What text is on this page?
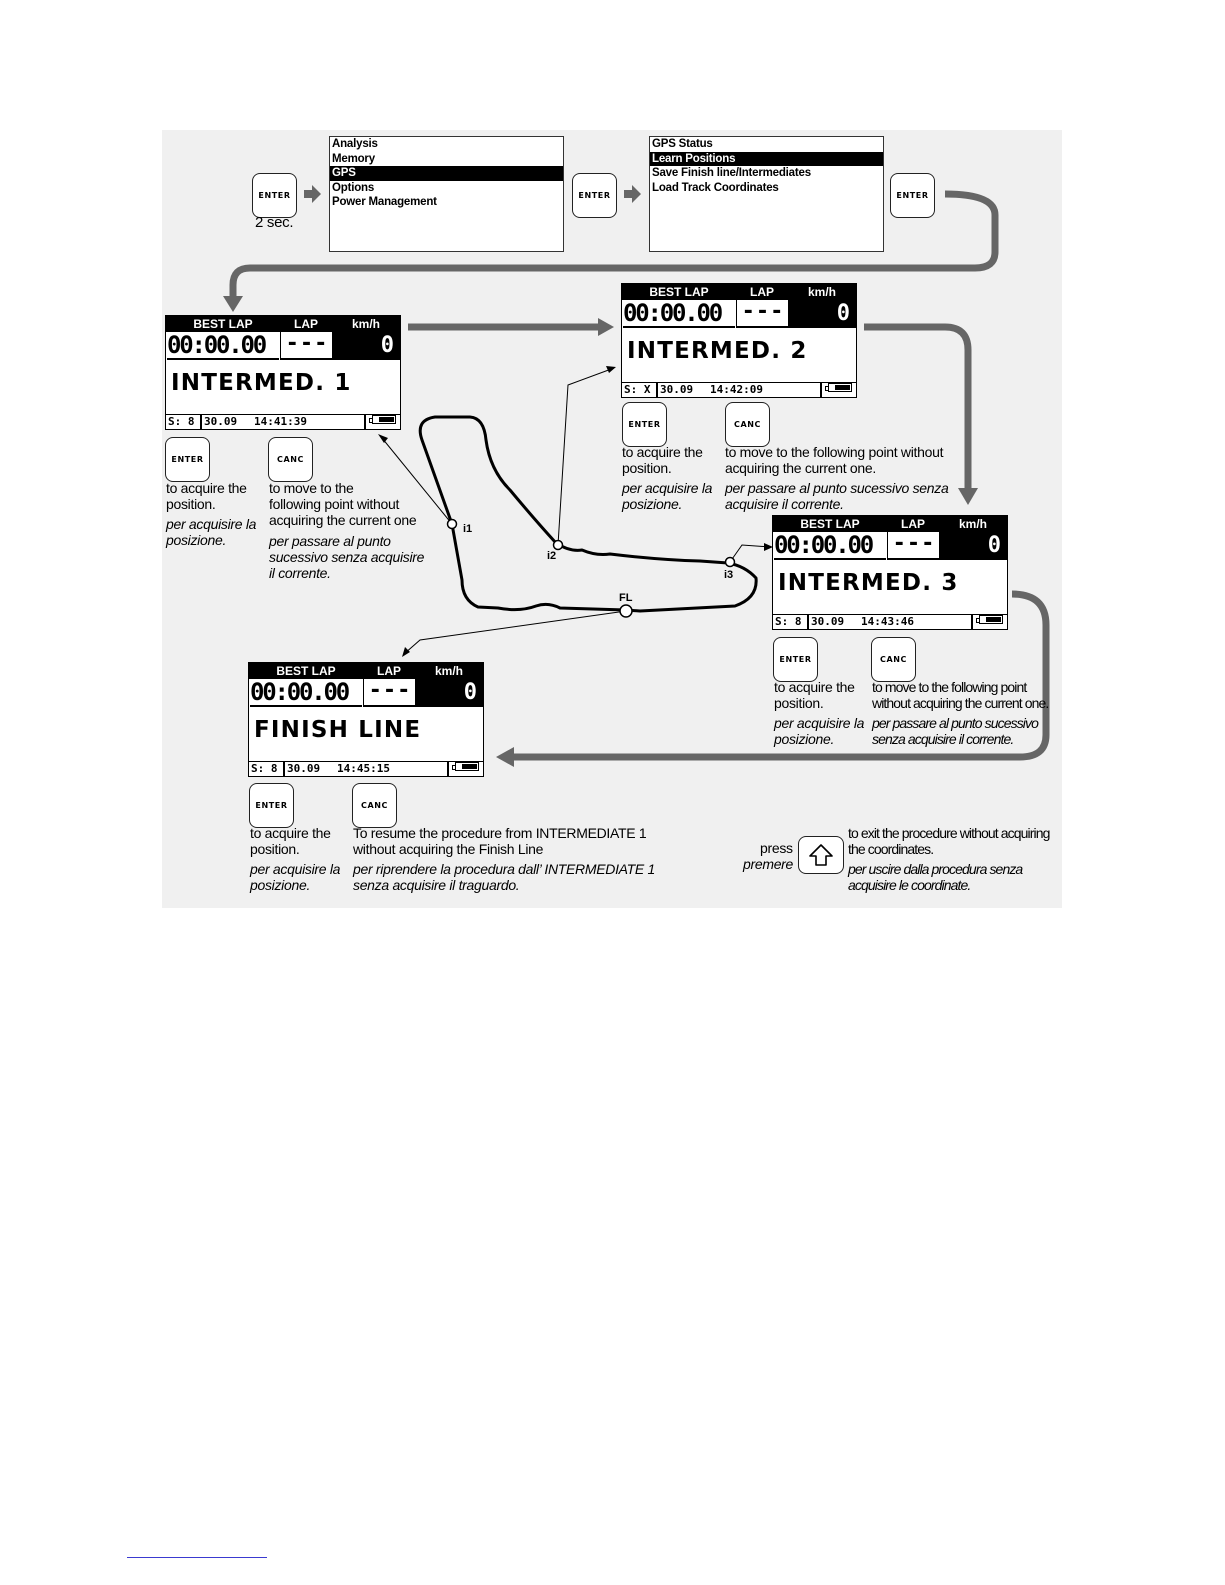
i1
i2
i3
FL
ENTER
2 sec.
Analysis
Memory
GPS
Options
Power Management
ENTER
GPS Status
Learn Positions
Save Finish line/Intermediates
Load Track Coordinates
ENTER
BEST LAP	LAP	km/h
00:00.00 ---	0
INTERMED. 1
S: 8 30.09 14:41:39
BEST LAP	LAP	km/h
00:00.00 ---	0
INTERMED. 2
S: X 30.09 14:42:09
BEST LAP	LAP	km/h
00:00.00 ---	0
INTERMED. 3
S: 8 30.09 14:43:46
BEST LAP	LAP	km/h
00:00.00 ---	0
FINISH LINE
S: 8 30.09 14:45:15
ENTER	CANC
to acquire the
position.
per acquisire la
posizione.
to move to the
following point without
acquiring the current one
per passare al punto
sucessivo senza acquisire
il corrente.
ENTER	CANC
to acquire the
position.
per acquisire la
posizione.
to move to the following point without
acquiring the current one.
per passare al punto sucessivo senza
acquisire il corrente.
ENTER	CANC
to acquire the
position.
per acquisire la
posizione.
to move to the following point
without acquiring the current one.
per passare al punto sucessivo
senza acquisire il corrente.
ENTER	CANC
to acquire the
position.
per acquisire la
posizione.
To resume the procedure from INTERMEDIATE 1
without acquiring the Finish Line
per riprendere la procedura dall’ INTERMEDIATE 1
senza acquisire il traguardo.
press
premere
to exit the procedure without acquiring
the coordinates.
per uscire dalla procedura senza
acquisire le coordinate.
